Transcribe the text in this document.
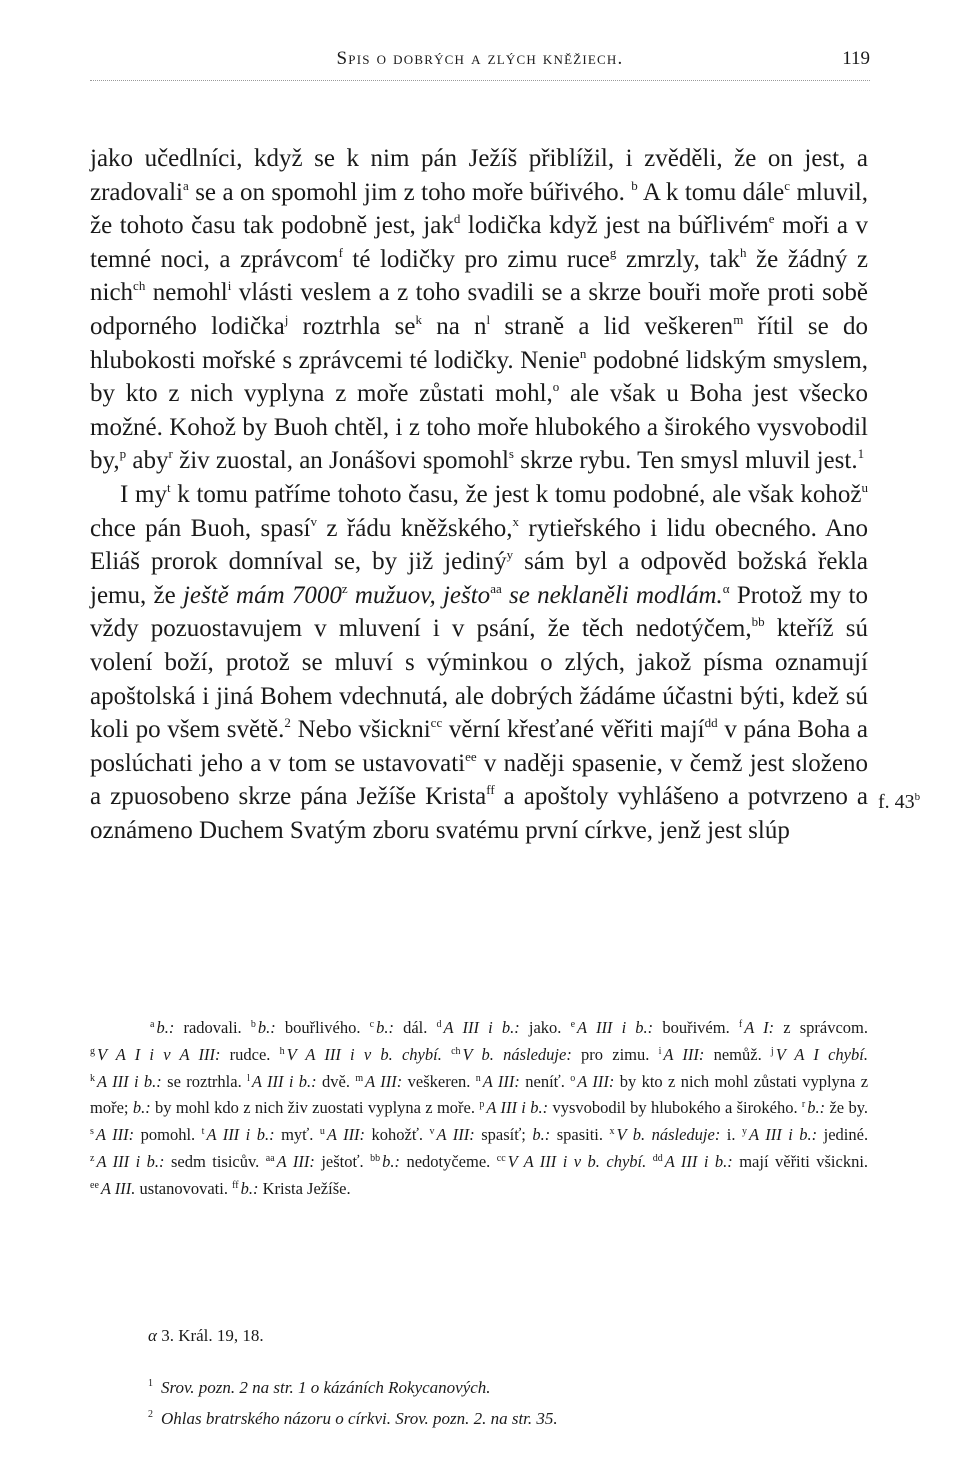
Spis o dobrých a zlých kněžiech.	119

jako učedlníci, když se k nim pán Ježíš přiblížil, i zvěděli, že on jest, a zradovali$^a$ se a on spomohl jim z toho moře búřivého. $^b$ A k tomu dále$^c$ mluvil, že tohoto času tak podobně jest, jak$^d$ lodička když jest na búřlivém$^e$ moři a v temné noci, a zprávcom$^f$ té lodičky pro zimu ruce$^g$ zmrzly, tak$^h$ že žádný z nich$^{ch}$ nemohl$^i$ vlásti veslem a z toho svadili se a skrze bouři moře proti sobě odporného lodička$^j$ roztrhla $se^k$ na $n^l$ straně a lid veškeren$^m$ řítil se do hlubokosti mořské s zprávcemi té lodičky. Nenie$^n$ podobné lidským smyslem, by kto z nich vyplyna z moře zůstati mohl,$^o$ ale však u Boha jest všecko možné. Kohož by Buoh chtěl, i z toho moře hlubokého a širokého vysvobodil by,$^p$ aby$^r$ živ zuostal, an Jonášovi spomohl$^s$ skrze rybu. Ten smysl mluvil jest.$^1$

I $my^t$ k tomu patříme tohoto času, že jest k tomu podobné, ale však kohož$^u$ chce pán Buoh, spasí$^v$ z řádu kněžského,$^x$ rytieřského i lidu obecného. Ano Eliáš prorok domníval se, by již jediný$^y$ sám byl a odpověd božská řekla jemu, že ještě mám 7000$^z$ mužuov, ješto$^{aa}$ se neklaněli modlám.$^\alpha$ Protož my to vždy pozuostavujem v mluvení i v psání, že těch nedotýčem,$^{bb}$ kteříž sú volení boží, protož se mluví s výminkou o zlých, jakož písma oznamují apoštolská i jiná Bohem vdechnutá, ale dobrých žádáme účastni býti, kdež sú koli po všem světě.$^2$ Nebo všickni$^{cc}$ věrní křesťané věřiti mají$^{dd}$ v pána Boha a poslúchati jeho a v tom se ustavovati$^{ee}$ v naději spasenie, v čemž jest složeno a zpuosobeno skrze pána Ježíše Krista$^{ff}$ a apoštoly vyhlášeno a potvrzeno a oznámeno Duchem Svatým zboru svatému první církve, jenž jest slúp

f. 43$^b$

$^a$ b.: radovali. $^b$ b.: bouřlivého. $^c$ b.: dál. $^d$ A III i b.: jako. $^e$ A III i b.: bouřivém. $^f$ A I: z správcom. $^g$ V A I i v A III: rudce. $^h$ V A III i v b. chybí. $^{ch}$ V b. následuje: pro zimu. $^i$ A III: nemůž. $^j$ V A I chybí. $^k$ A III i b.: se roztrhla. $^l$ A III i b.: dvě. $^m$ A III: veškeren. $^n$ A III: neníť. $^o$ A III: by kto z nich mohl zůstati vyplyna z moře; b.: by mohl kdo z nich živ zuostati vyplyna z moře. $^p$ A III i b.: vysvobodil by hlubokého a širokého. $^r$ b.: že by. $^s$ A III: pomohl. $^t$ A III i b.: myť. $^u$ A III: kohožť. $^v$ A III: spasíť; b.: spasiti. $^x$ V b. následuje: i. $^y$ A III i b.: jediné. $^z$ A III i b.: sedm tisicův. $^{aa}$ A III: ještoť. $^{bb}$ b.: nedotyčeme. $^{cc}$ V A III i v b. chybí. $^{dd}$ A III i b.: mají věřiti všickni. $^{ee}$ A III. ustanovovati. $^{ff}$ b.: Krista Ježíše.

α 3. Král. 19, 18.
$^1$ Srov. pozn. 2 na str. 1 o kázáních Rokycanových.
$^2$ Ohlas bratrského názoru o církvi. Srov. pozn. 2. na str. 35.
